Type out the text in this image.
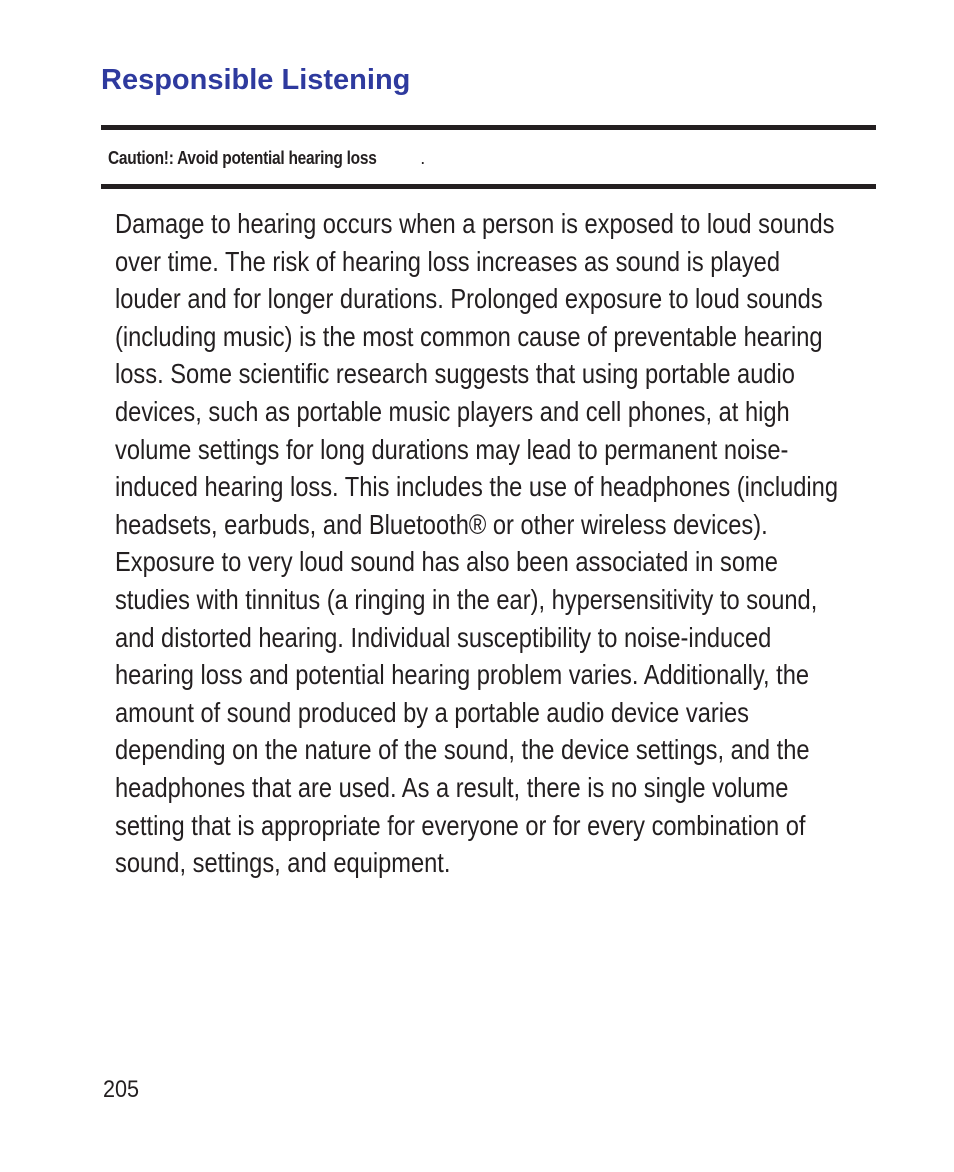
Responsible Listening
Caution!: Avoid potential hearing loss .
Damage to hearing occurs when a person is exposed to loud sounds
over time. The risk of hearing loss increases as sound is played
louder and for longer durations. Prolonged exposure to loud sounds
(including music) is the most common cause of preventable hearing
loss. Some scientific research suggests that using portable audio
devices, such as portable music players and cell phones, at high
volume settings for long durations may lead to permanent noise-
induced hearing loss. This includes the use of headphones (including
headsets, earbuds, and Bluetooth® or other wireless devices).
Exposure to very loud sound has also been associated in some
studies with tinnitus (a ringing in the ear), hypersensitivity to sound,
and distorted hearing. Individual susceptibility to noise-induced
hearing loss and potential hearing problem varies. Additionally, the
amount of sound produced by a portable audio device varies
depending on the nature of the sound, the device settings, and the
headphones that are used. As a result, there is no single volume
setting that is appropriate for everyone or for every combination of
sound, settings, and equipment.
205
